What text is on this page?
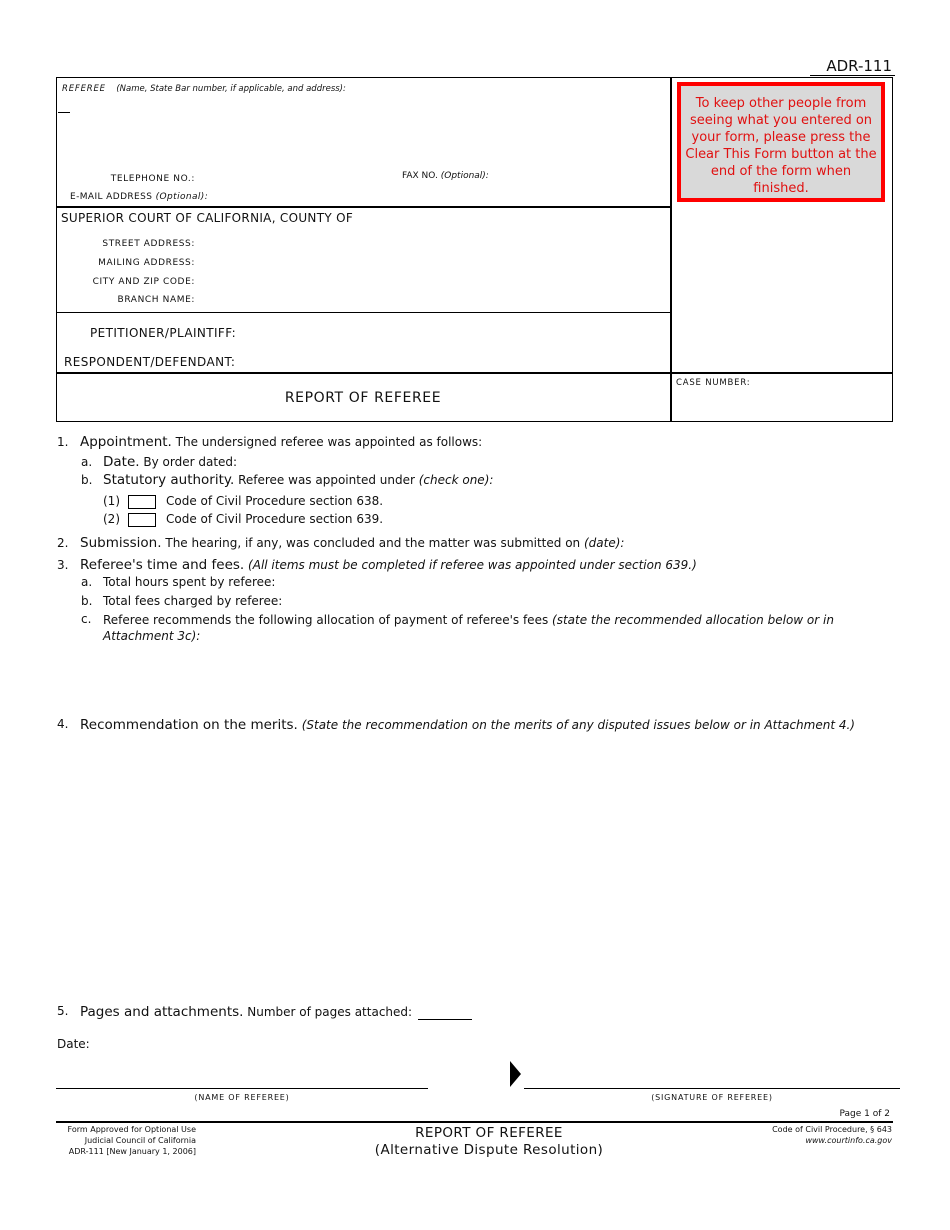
ADR-111
REFEREE (Name, State Bar number, if applicable, and address):
TELEPHONE NO.:	FAX NO. (Optional):
E-MAIL ADDRESS (Optional):
To keep other people from seeing what you entered on your form, please press the Clear This Form button at the end of the form when finished.
SUPERIOR COURT OF CALIFORNIA, COUNTY OF
STREET ADDRESS:
MAILING ADDRESS:
CITY AND ZIP CODE:
BRANCH NAME:
PETITIONER/PLAINTIFF:
RESPONDENT/DEFENDANT:
REPORT OF REFEREE
CASE NUMBER:
1. Appointment. The undersigned referee was appointed as follows:
a. Date. By order dated:
b. Statutory authority. Referee was appointed under (check one):
(1)	Code of Civil Procedure section 638.
(2)	Code of Civil Procedure section 639.
2. Submission. The hearing, if any, was concluded and the matter was submitted on (date):
3. Referee's time and fees. (All items must be completed if referee was appointed under section 639.)
a. Total hours spent by referee:
b. Total fees charged by referee:
c. Referee recommends the following allocation of payment of referee's fees (state the recommended allocation below or in
Attachment 3c):
4. Recommendation on the merits. (State the recommendation on the merits of any disputed issues below or in Attachment 4.)
5. Pages and attachments. Number of pages attached:
Date:
(NAME OF REFEREE)	(SIGNATURE OF REFEREE)
Page 1 of 2
Form Approved for Optional Use
Judicial Council of California
ADR-111 [New January 1, 2006]
REPORT OF REFEREE
(Alternative Dispute Resolution)
Code of Civil Procedure, § 643
www.courtinfo.ca.gov
